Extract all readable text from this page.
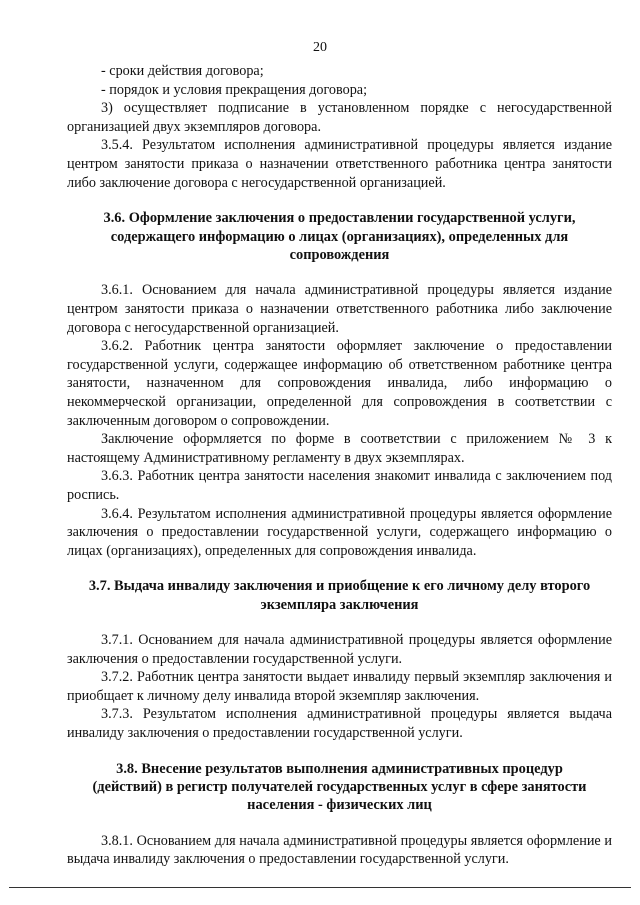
20

- сроки действия договора;

- порядок и условия прекращения договора;

3) осуществляет подписание в установленном порядке с негосударственной организацией двух экземпляров договора.

3.5.4. Результатом исполнения административной процедуры является издание центром занятости приказа о назначении ответственного работника центра занятости либо заключение договора с негосударственной организацией.

3.6. Оформление заключения о предоставлении государственной услуги, содержащего информацию о лицах (организациях), определенных для сопровождения

3.6.1. Основанием для начала административной процедуры является издание центром занятости приказа о назначении ответственного работника либо заключение договора с негосударственной организацией.

3.6.2. Работник центра занятости оформляет заключение о предоставлении государственной услуги, содержащее информацию об ответственном работнике центра занятости, назначенном для сопровождения инвалида, либо информацию о некоммерческой организации, определенной для сопровождения в соответствии с заключенным договором о сопровождении.

Заключение оформляется по форме в соответствии с приложением № 3 к настоящему Административному регламенту в двух экземплярах.

3.6.3. Работник центра занятости населения знакомит инвалида с заключением под роспись.

3.6.4. Результатом исполнения административной процедуры является оформление заключения о предоставлении государственной услуги, содержащего информацию о лицах (организациях), определенных для сопровождения инвалида.

3.7. Выдача инвалиду заключения и приобщение к его личному делу второго экземпляра заключения

3.7.1. Основанием для начала административной процедуры является оформление заключения о предоставлении государственной услуги.

3.7.2. Работник центра занятости выдает инвалиду первый экземпляр заключения и приобщает к личному делу инвалида второй экземпляр заключения.

3.7.3. Результатом исполнения административной процедуры является выдача инвалиду заключения о предоставлении государственной услуги.

3.8. Внесение результатов выполнения административных процедур (действий) в регистр получателей государственных услуг в сфере занятости населения - физических лиц

3.8.1. Основанием для начала административной процедуры является оформление и выдача инвалиду заключения о предоставлении государственной услуги.
